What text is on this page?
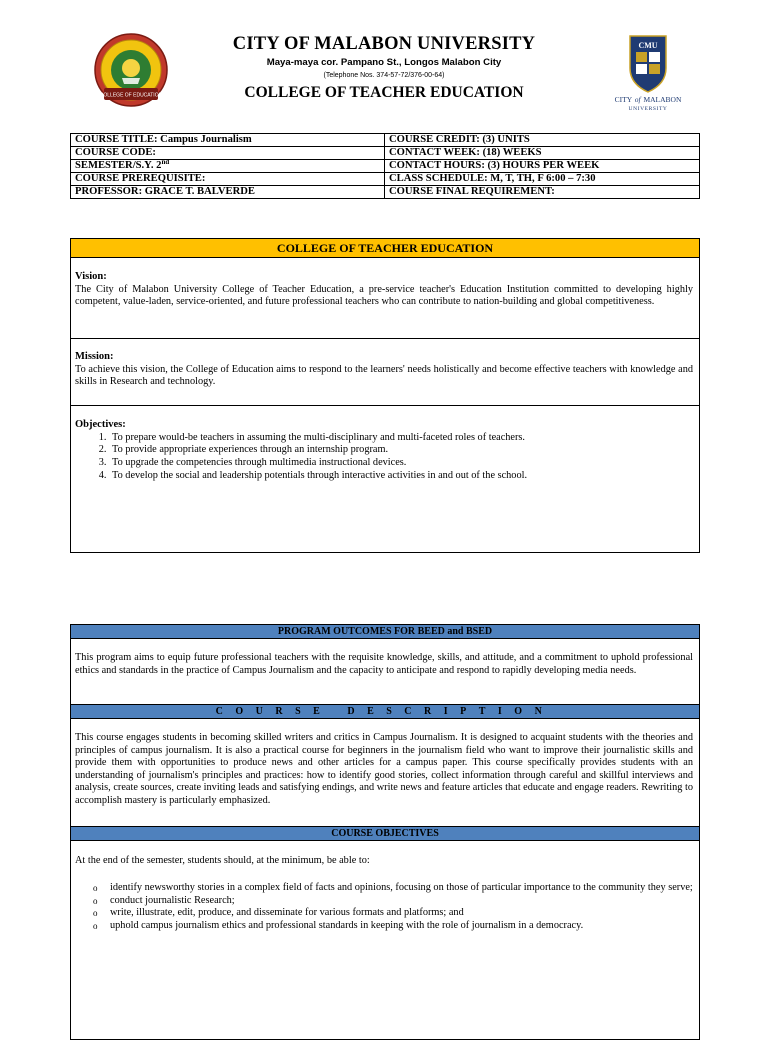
COLLEGE OF EDUCATION
CITY OF MALABON UNIVERSITY
Maya-maya cor. Pampano St., Longos Malabon City
(Telephone Nos. 374-57-72/376-00-64)
COLLEGE OF TEACHER EDUCATION
CMU
CITY of MALABON
UNIVERSITY
COURSE TITLE: Campus Journalism	COURSE CREDIT: (3) UNITS
COURSE CODE:	CONTACT WEEK: (18) WEEKS
SEMESTER/S.Y. 2nd	CONTACT HOURS: (3) HOURS PER WEEK
COURSE PREREQUISITE:	CLASS SCHEDULE: M, T, TH, F 6:00 – 7:30
PROFESSOR: GRACE T. BALVERDE	COURSE FINAL REQUIREMENT:
COLLEGE OF TEACHER EDUCATION
Vision:
The City of Malabon University College of Teacher Education, a pre-service teacher's Education Institution committed to developing highly competent, value-laden, service-oriented, and future professional teachers who can contribute to nation-building and global competitiveness.
Mission:
To achieve this vision, the College of Education aims to respond to the learners' needs holistically and become effective teachers with knowledge and skills in Research and technology.
Objectives:
1. To prepare would-be teachers in assuming the multi-disciplinary and multi-faceted roles of teachers.
2. To provide appropriate experiences through an internship program.
3. To upgrade the competencies through multimedia instructional devices.
4. To develop the social and leadership potentials through interactive activities in and out of the school.
PROGRAM OUTCOMES FOR BEED and BSED
This program aims to equip future professional teachers with the requisite knowledge, skills, and attitude, and a commitment to uphold professional ethics and standards in the practice of Campus Journalism and the capacity to anticipate and respond to rapidly developing media needs.
COURSE DESCRIPTION
This course engages students in becoming skilled writers and critics in Campus Journalism. It is designed to acquaint students with the theories and principles of campus journalism. It is also a practical course for beginners in the journalism field who want to improve their journalistic skills and provide them with opportunities to produce news and other articles for a campus paper. This course specifically provides students with an understanding of journalism's principles and practices: how to identify good stories, collect information through careful and skillful interviews and analysis, create sources, create inviting leads and satisfying endings, and write news and feature articles that educate and engage readers. Rewriting to accomplish mastery is particularly emphasized.
COURSE OBJECTIVES
At the end of the semester, students should, at the minimum, be able to:
o identify newsworthy stories in a complex field of facts and opinions, focusing on those of particular importance to the community they serve;
o conduct journalistic Research;
o write, illustrate, edit, produce, and disseminate for various formats and platforms; and
o uphold campus journalism ethics and professional standards in keeping with the role of journalism in a democracy.
